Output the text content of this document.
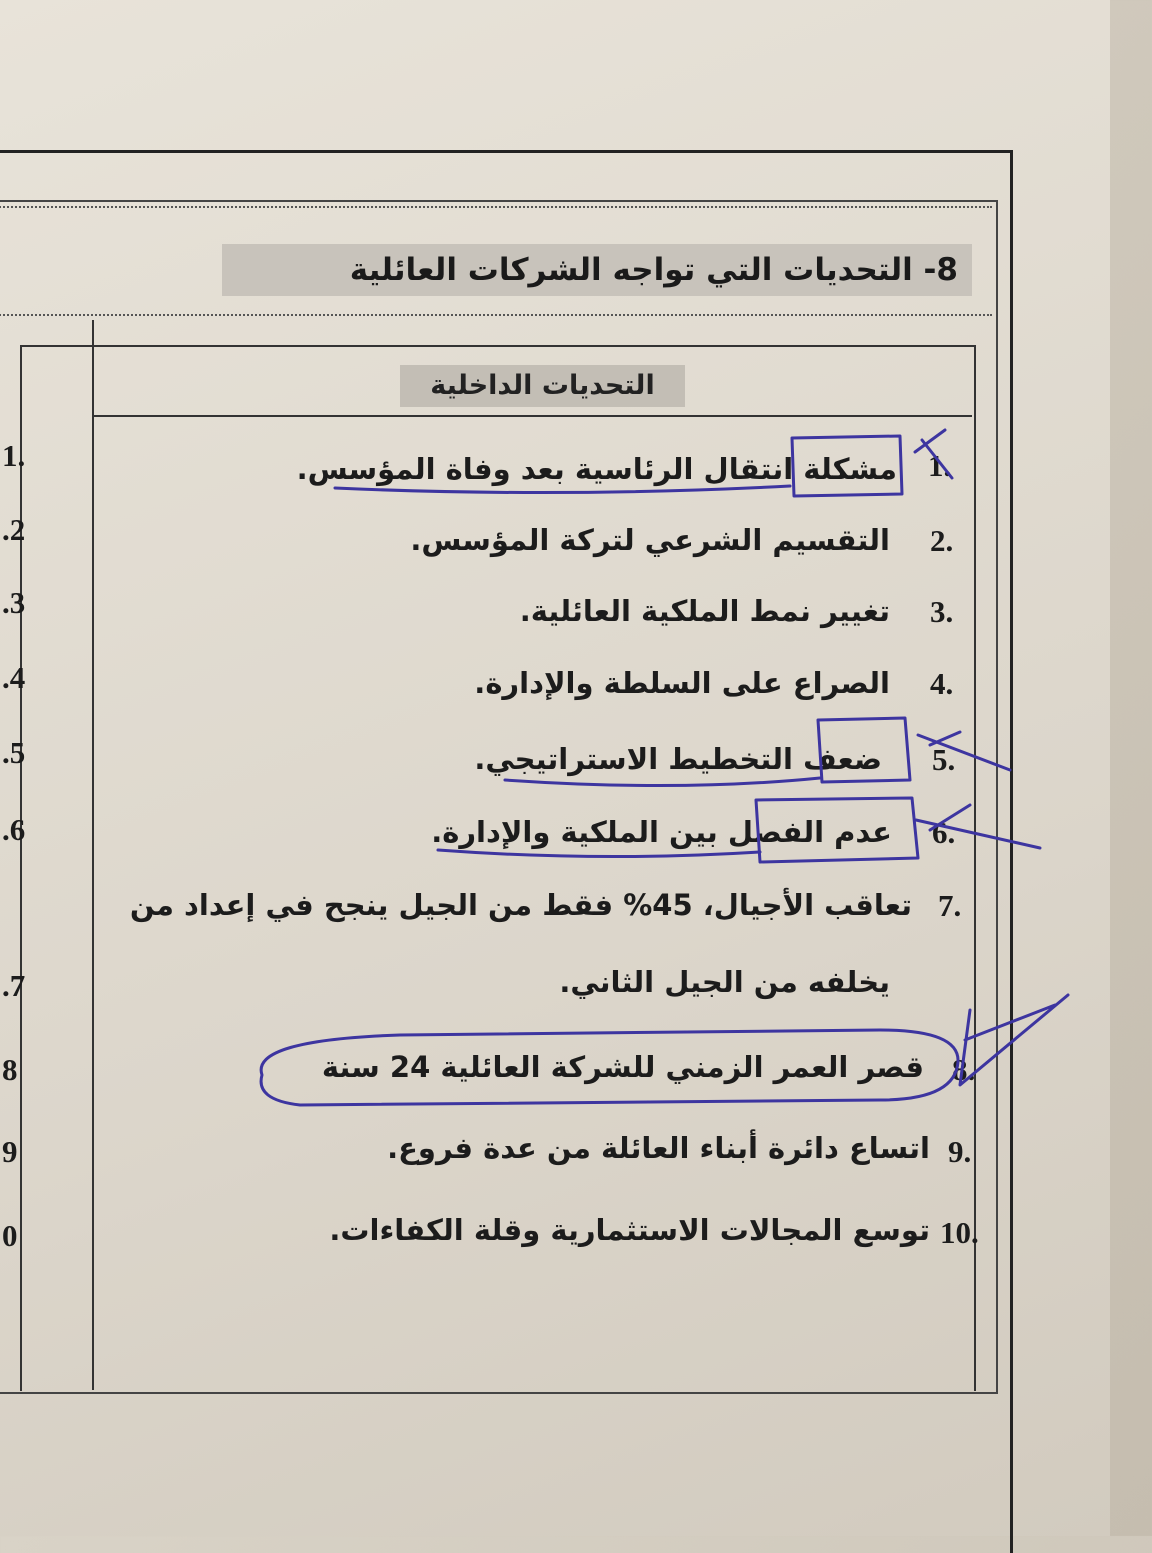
8- التحديات التي تواجه الشركات العائلية
التحديات الداخلية
1.
مشكلة انتقال الرئاسية بعد وفاة المؤسس.
2.
التقسيم الشرعي لتركة المؤسس.
3.
تغيير نمط الملكية العائلية.
4.
الصراع على السلطة والإدارة.
5.
ضعف التخطيط الاستراتيجي.
6.
عدم الفصل بين الملكية والإدارة.
7.
تعاقب الأجيال، 45% فقط من الجيل ينجح في إعداد من
يخلفه من الجيل الثاني.
8.
قصر العمر الزمني للشركة العائلية 24 سنة
9.
اتساع دائرة أبناء العائلة من عدة فروع.
10.
توسع المجالات الاستثمارية وقلة الكفاءات.
1.
.2
.3
.4
.5
.6
.7
8
9
0
